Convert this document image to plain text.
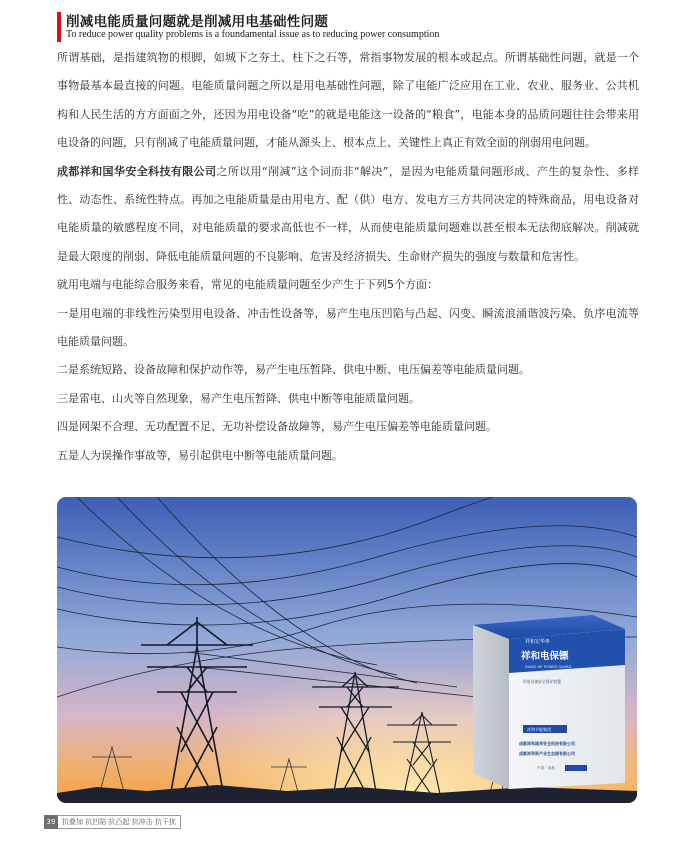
削减电能质量问题就是削减用电基础性问题
To reduce power quality problems is a foundamental issue as to reducing power consumption

所谓基础，是指建筑物的根脚，如城下之夯土、柱下之石等，常指事物发展的根本或起点。所谓基础性问题，就是一个事物最基本最直接的问题。电能质量问题之所以是用电基础性问题，除了电能广泛应用在工业、农业、服务业、公共机构和人民生活的方方面面之外，还因为用电设备“吃”的就是电能这一设备的“粮食”，电能本身的品质问题往往会带来用电设备的问题，只有削减了电能质量问题，才能从源头上、根本点上、关键性上真正有效全面的削弱用电问题。

成都祥和国华安全科技有限公司之所以用“削减”这个词而非“解决”，是因为电能质量问题形成、产生的复杂性、多样性、动态性、系统性特点。再加之电能质量是由用电方、配（供）电方、发电方三方共同决定的特殊商品，用电设备对电能质量的敏感程度不同，对电能质量的要求高低也不一样，从而使电能质量问题难以甚至根本无法彻底解决。削减就是最大限度的削弱、降低电能质量问题的不良影响、危害及经济损失、生命财产损失的强度与数量和危害性。

就用电端与电能综合服务来看，常见的电能质量问题至少产生于下列5个方面：

一是用电端的非线性污染型用电设备、冲击性设备等，易产生电压凹陷与凸起、闪变、瞬流浪涌谐波污染、负序电流等电能质量问题。

二是系统短路、设备故障和保护动作等，易产生电压暂降、供电中断、电压偏差等电能质量问题。

三是雷电、山火等自然现象，易产生电压暂降、供电中断等电能质量问题。

四是网架不合理、无功配置不足、无功补偿设备故障等，易产生电压偏差等电能质量问题。

五是人为误操作事故等，易引起供电中断等电能质量问题。

祥和宏华®
祥和电保镖
XIANG HE POWER GUARD
用电设备安全保护装置
祥和节能集团
成都祥和国华安全科技有限公司
成都祥和资产业生态园有限公司
中国 · 成都
39 抗叠加 抗凹陷 抗凸起 抗冲击 抗干扰
